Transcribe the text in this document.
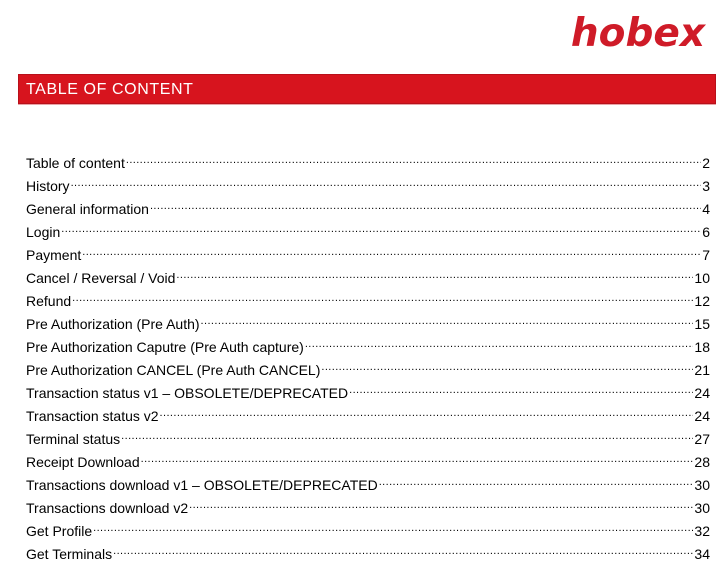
hobex
TABLE OF CONTENT
Table of content .....	2
History .....	3
General information .....	4
Login .....	6
Payment .....	7
Cancel / Reversal / Void .....	10
Refund .....	12
Pre Authorization (Pre Auth) .....	15
Pre Authorization Caputre (Pre Auth capture) .....	18
Pre Authorization CANCEL (Pre Auth CANCEL) .....	21
Transaction status v1 – OBSOLETE/DEPRECATED .....	24
Transaction status v2 .....	24
Terminal status .....	27
Receipt Download .....	28
Transactions download v1 – OBSOLETE/DEPRECATED .....	30
Transactions download v2 .....	30
Get Profile .....	32
Get Terminals .....	34
